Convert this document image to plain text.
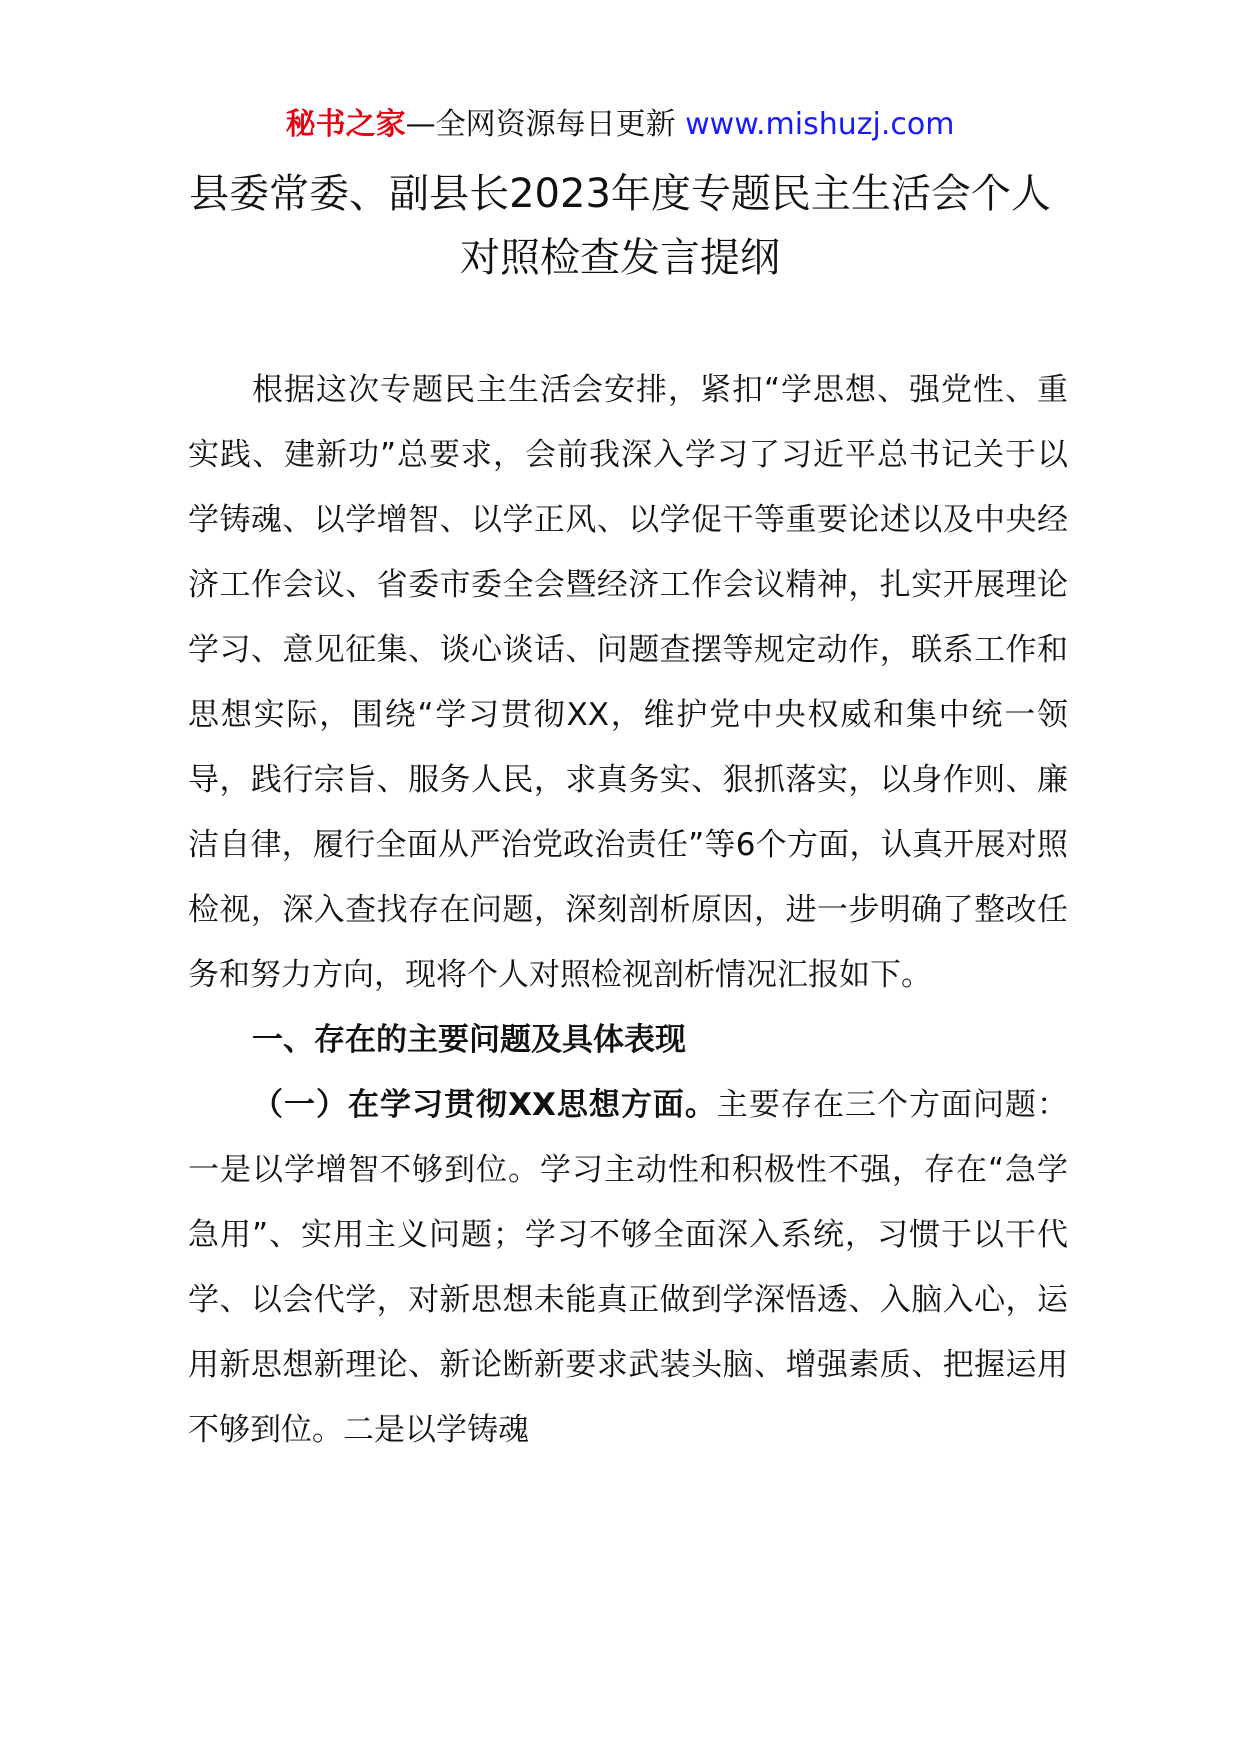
秘书之家—全网资源每日更新 www.mishuzj.com
县委常委、副县长2023年度专题民主生活会个人对照检查发言提纲

根据这次专题民主生活会安排，紧扣“学思想、强党性、重实践、建新功”总要求，会前我深入学习了习近平总书记关于以学铸魂、以学增智、以学正风、以学促干等重要论述以及中央经济工作会议、省委市委全会暨经济工作会议精神，扎实开展理论学习、意见征集、谈心谈话、问题查摆等规定动作，联系工作和思想实际，围绕“学习贯彻XX，维护党中央权威和集中统一领导，践行宗旨、服务人民，求真务实、狠抓落实，以身作则、廉洁自律，履行全面从严治党政治责任”等6个方面，认真开展对照检视，深入查找存在问题，深刻剖析原因，进一步明确了整改任务和努力方向，现将个人对照检视剖析情况汇报如下。

一、存在的主要问题及具体表现

（一）在学习贯彻XX思想方面。主要存在三个方面问题：一是以学增智不够到位。学习主动性和积极性不强，存在“急学急用”、实用主义问题；学习不够全面深入系统，习惯于以干代学、以会代学，对新思想未能真正做到学深悟透、入脑入心，运用新思想新理论、新论断新要求武装头脑、增强素质、把握运用不够到位。二是以学铸魂
